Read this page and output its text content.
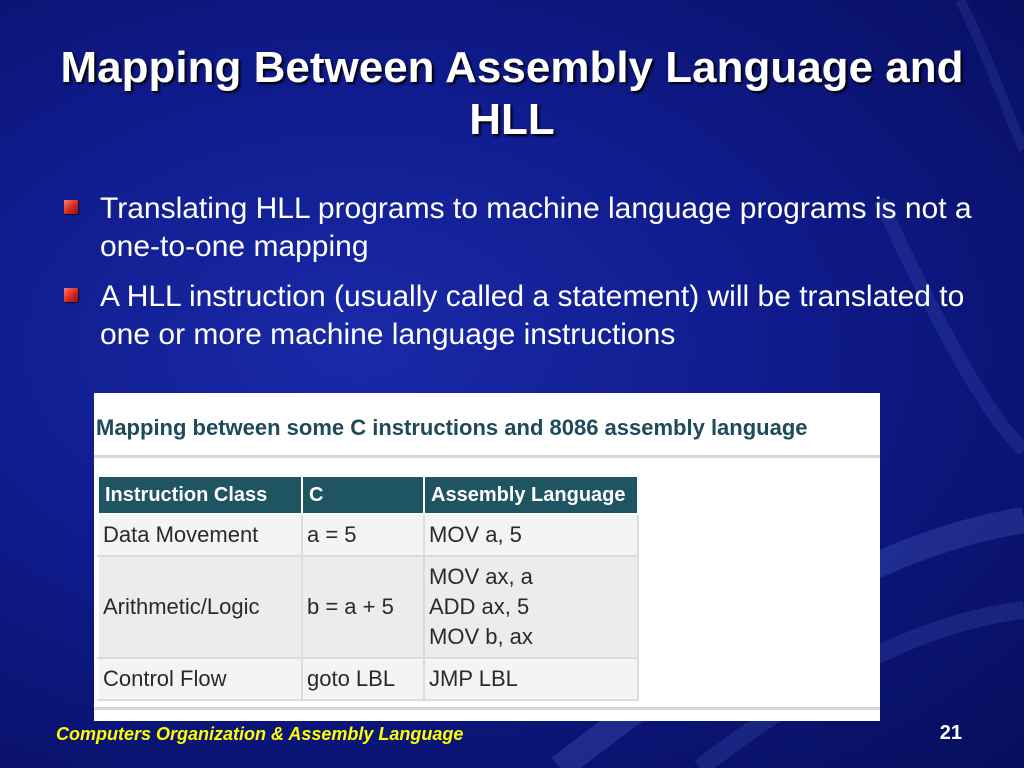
Mapping Between Assembly Language and HLL
Translating HLL programs to machine language programs is not a one-to-one mapping
A HLL instruction (usually called a statement) will be translated to one or more machine language instructions
Mapping between some C instructions and 8086 assembly language
Instruction Class	C	Assembly Language
Data Movement	a = 5	MOV a, 5

Arithmetic/Logic	b = a + 5	MOV ax, a
ADD ax, 5
MOV b, ax

Control Flow	goto LBL	JMP LBL
Computers Organization & Assembly Language	21
